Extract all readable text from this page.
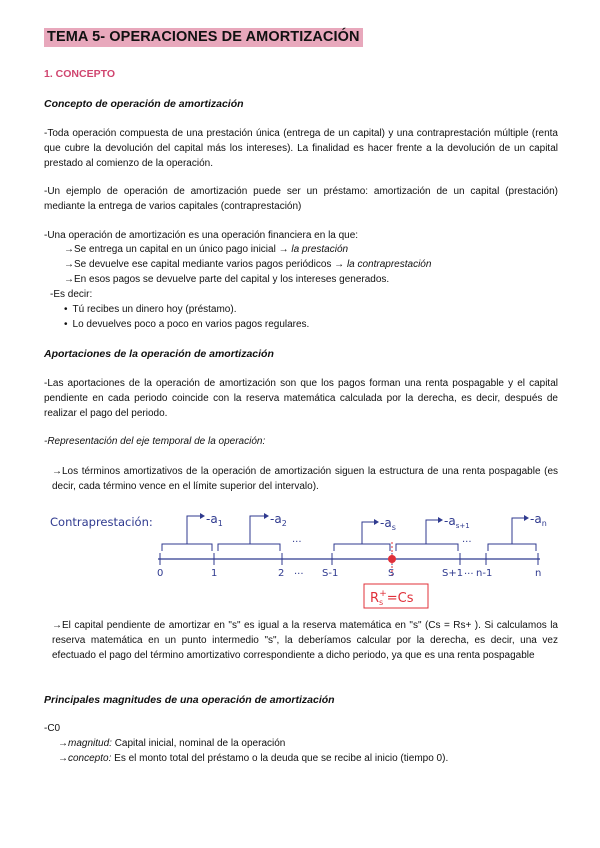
TEMA 5- OPERACIONES DE AMORTIZACIÓN
1. CONCEPTO
Concepto de operación de amortización
-Toda operación compuesta de una prestación única (entrega de un capital) y una contraprestación múltiple (renta que cubre la devolución del capital más los intereses). La finalidad es hacer frente a la devolución de un capital prestado al comienzo de la operación.
-Un ejemplo de operación de amortización puede ser un préstamo: amortización de un capital (prestación) mediante la entrega de varios capitales (contraprestación)
-Una operación de amortización es una operación financiera en la que:
→Se entrega un capital en un único pago inicial → la prestación
→Se devuelve ese capital mediante varios pagos periódicos → la contraprestación
→En esos pagos se devuelve parte del capital y los intereses generados.
-Es decir:
• Tú recibes un dinero hoy (préstamo).
• Lo devuelves poco a poco en varios pagos regulares.
Aportaciones de la operación de amortización
-Las aportaciones de la operación de amortización son que los pagos forman una renta pospagable y el capital pendiente en cada periodo coincide con la reserva matemática calculada por la derecha, es decir, después de realizar el pago del periodo.
-Representación del eje temporal de la operación:
→Los términos amortizativos de la operación de amortización siguen la estructura de una renta pospagable (es decir, cada término vence en el límite superior del intervalo).
Contraprestación:	$-a_1$	$-a_2$	$-a_s$	$-a_{s+1}$	$-a_n$
...	...
...	...
0	1	2	S-1	S	S+1 n-1	n
$R_s+=Cs$
→El capital pendiente de amortizar en "s" es igual a la reserva matemática en "s" (Cs = Rs+ ). Si calculamos la reserva matemática en un punto intermedio "s", la deberíamos calcular por la derecha, es decir, una vez efectuado el pago del término amortizativo correspondiente a dicho periodo, ya que es una renta pospagable
Principales magnitudes de una operación de amortización
-C0
→magnitud: Capital inicial, nominal de la operación
→concepto: Es el monto total del préstamo o la deuda que se recibe al inicio (tiempo 0).
